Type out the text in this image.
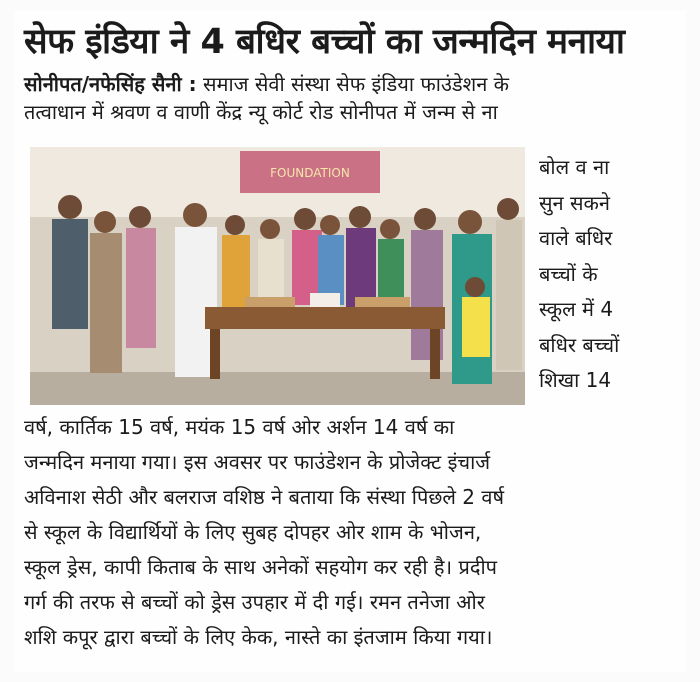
सेफ इंडिया ने 4 बधिर बच्चों का जन्मदिन मनाया
सोनीपत/नफेसिंह सैनी : समाज सेवी संस्था सेफ इंडिया फाउंडेशन के
तत्वाधान में श्रवण व वाणी केंद्र न्यू कोर्ट रोड सोनीपत में जन्म से ना
FOUNDATION	बोल व ना
सुन सकने
वाले बधिर
बच्चों के
स्कूल में 4
बधिर बच्चों
शिखा 14
वर्ष, कार्तिक 15 वर्ष, मयंक 15 वर्ष ओर अर्शन 14 वर्ष का
जन्मदिन मनाया गया। इस अवसर पर फाउंडेशन के प्रोजेक्ट इंचार्ज
अविनाश सेठी और बलराज वशिष्ठ ने बताया कि संस्था पिछले 2 वर्ष
से स्कूल के विद्यार्थियों के लिए सुबह दोपहर ओर शाम के भोजन,
स्कूल ड्रेस, कापी किताब के साथ अनेकों सहयोग कर रही है। प्रदीप
गर्ग की तरफ से बच्चों को ड्रेस उपहार में दी गई। रमन तनेजा ओर
शशि कपूर द्वारा बच्चों के लिए केक, नास्ते का इंतजाम किया गया।
